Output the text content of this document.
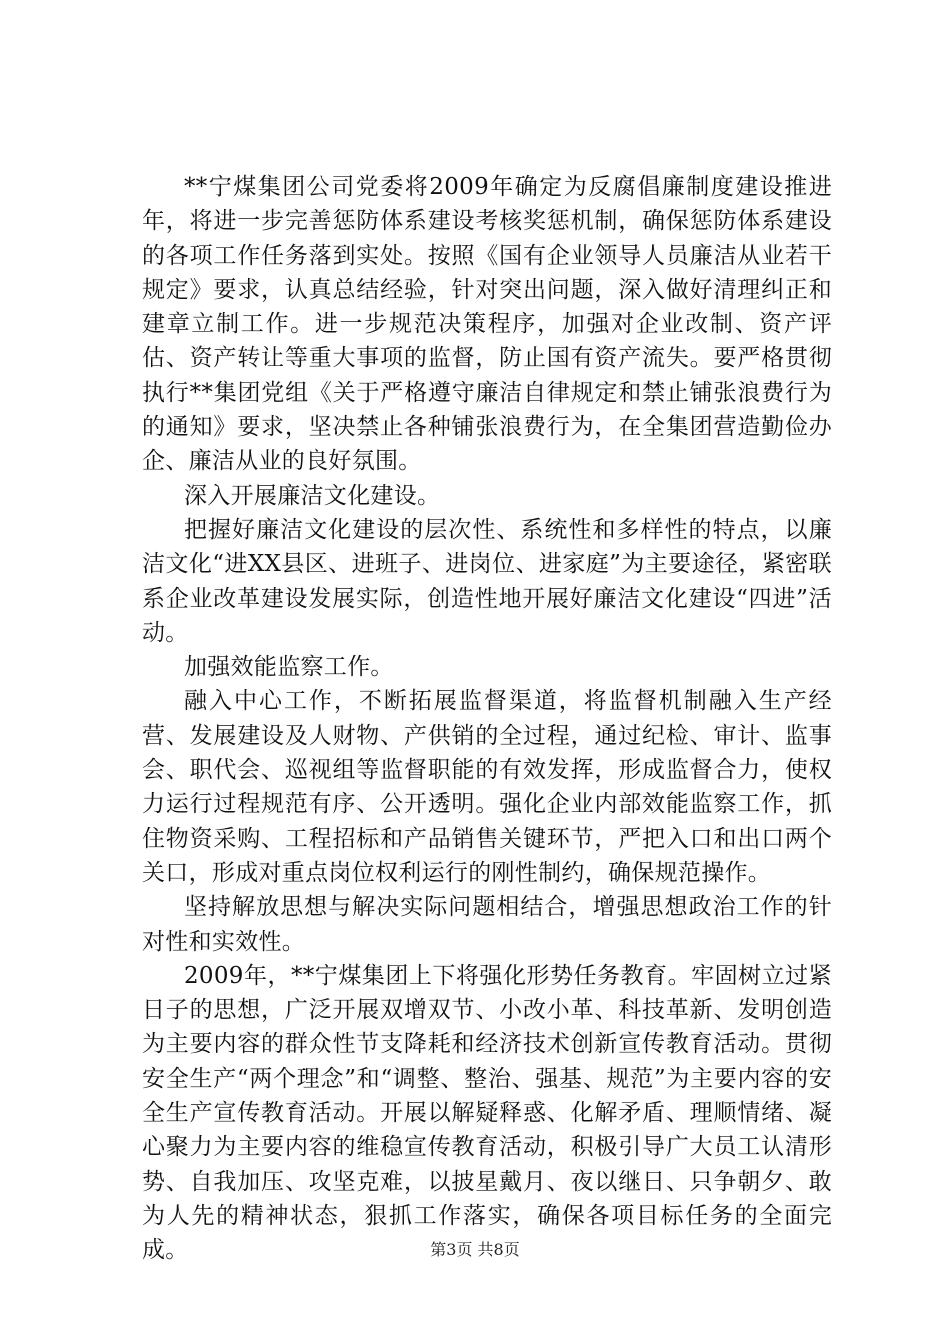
**宁煤集团公司党委将2009年确定为反腐倡廉制度建设推进年，将进一步完善惩防体系建设考核奖惩机制，确保惩防体系建设的各项工作任务落到实处。按照《国有企业领导人员廉洁从业若干规定》要求，认真总结经验，针对突出问题，深入做好清理纠正和建章立制工作。进一步规范决策程序，加强对企业改制、资产评估、资产转让等重大事项的监督，防止国有资产流失。要严格贯彻执行**集团党组《关于严格遵守廉洁自律规定和禁止铺张浪费行为的通知》要求，坚决禁止各种铺张浪费行为，在全集团营造勤俭办企、廉洁从业的良好氛围。

深入开展廉洁文化建设。

把握好廉洁文化建设的层次性、系统性和多样性的特点，以廉洁文化“进XX县区、进班子、进岗位、进家庭”为主要途径，紧密联系企业改革建设发展实际，创造性地开展好廉洁文化建设“四进”活动。

加强效能监察工作。

融入中心工作，不断拓展监督渠道，将监督机制融入生产经营、发展建设及人财物、产供销的全过程，通过纪检、审计、监事会、职代会、巡视组等监督职能的有效发挥，形成监督合力，使权力运行过程规范有序、公开透明。强化企业内部效能监察工作，抓住物资采购、工程招标和产品销售关键环节，严把入口和出口两个关口，形成对重点岗位权利运行的刚性制约，确保规范操作。

坚持解放思想与解决实际问题相结合，增强思想政治工作的针对性和实效性。

2009年，**宁煤集团上下将强化形势任务教育。牢固树立过紧日子的思想，广泛开展双增双节、小改小革、科技革新、发明创造为主要内容的群众性节支降耗和经济技术创新宣传教育活动。贯彻安全生产“两个理念”和“调整、整治、强基、规范”为主要内容的安全生产宣传教育活动。开展以解疑释惑、化解矛盾、理顺情绪、凝心聚力为主要内容的维稳宣传教育活动，积极引导广大员工认清形势、自我加压、攻坚克难，以披星戴月、夜以继日、只争朝夕、敢为人先的精神状态，狠抓工作落实，确保各项目标任务的全面完成。	第3页 共8页
